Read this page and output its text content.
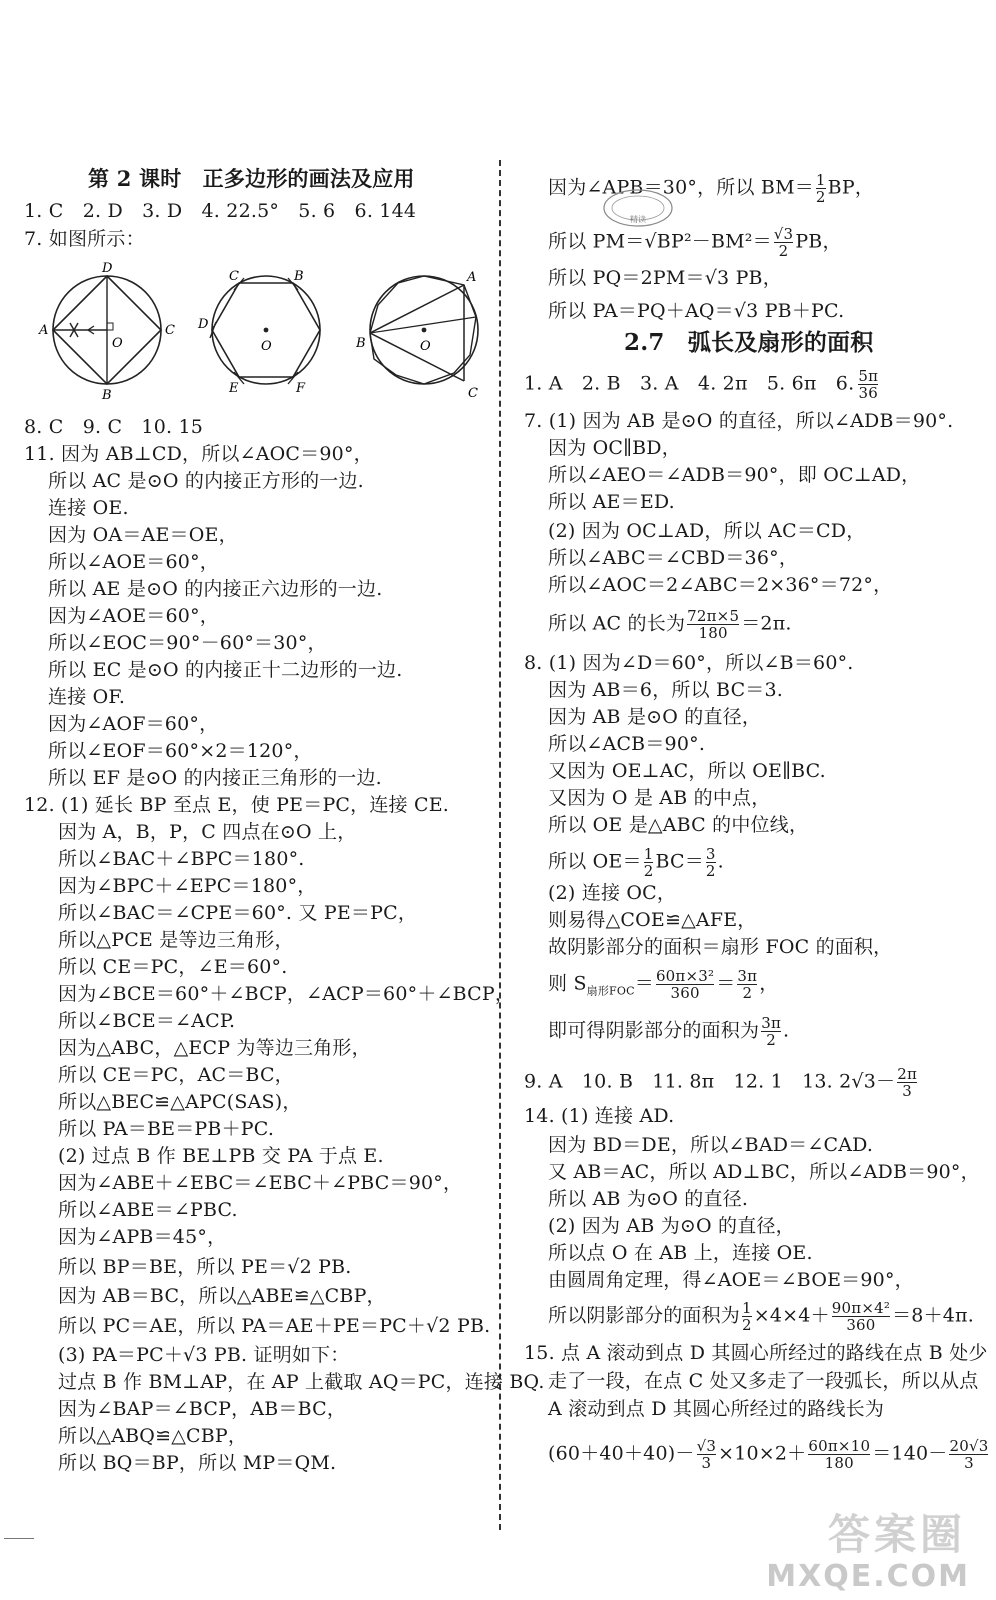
第 2 课时　正多边形的画法及应用
1. C　2. D　3. D　4. 22.5°　5. 6　6. 144
7. 如图所示：
D
A
O
C
B
C	B
D
O
E	F
A
B	O
C
8. C　9. C　10. 15
11. 因为 AB⊥CD，所以∠AOC＝90°，
所以 AC 是⊙O 的内接正方形的一边.
连接 OE.
因为 OA＝AE＝OE，
所以∠AOE＝60°，
所以 AE 是⊙O 的内接正六边形的一边.
因为∠AOE＝60°，
所以∠EOC＝90°－60°＝30°，
所以 EC 是⊙O 的内接正十二边形的一边.
连接 OF.
因为∠AOF＝60°，
所以∠EOF＝60°×2＝120°，
所以 EF 是⊙O 的内接正三角形的一边.
12. (1) 延长 BP 至点 E，使 PE＝PC，连接 CE.
因为 A，B，P，C 四点在⊙O 上，
所以∠BAC＋∠BPC＝180°.
因为∠BPC＋∠EPC＝180°，
所以∠BAC＝∠CPE＝60°. 又 PE＝PC，
所以△PCE 是等边三角形，
所以 CE＝PC，∠E＝60°.
因为∠BCE＝60°＋∠BCP，∠ACP＝60°＋∠BCP，
所以∠BCE＝∠ACP.
因为△ABC，△ECP 为等边三角形，
所以 CE＝PC，AC＝BC，
所以△BEC≌△APC(SAS)，
所以 PA＝BE＝PB＋PC.
(2) 过点 B 作 BE⊥PB 交 PA 于点 E.
因为∠ABE＋∠EBC＝∠EBC＋∠PBC＝90°，
所以∠ABE＝∠PBC.
因为∠APB＝45°，
所以 BP＝BE，所以 PE＝√2 PB.
因为 AB＝BC，所以△ABE≌△CBP，
所以 PC＝AE，所以 PA＝AE＋PE＝PC＋√2 PB.
(3) PA＝PC＋√3 PB. 证明如下：
过点 B 作 BM⊥AP，在 AP 上截取 AQ＝PC，连接 BQ.
因为∠BAP＝∠BCP，AB＝BC，
所以△ABQ≌△CBP，
所以 BQ＝BP，所以 MP＝QM.
因为∠APB＝30°，所以 $BM= \frac{1}{2}$ BP，
所以 $PM=√BP^2-BM^2= \frac{√3}{2}$ PB，
所以 PQ＝2PM＝√3 PB，
所以 PA＝PQ＋AQ＝√3 PB＋PC.
2.7　弧长及扇形的面积
1. A　2. B　3. A　4. 2π　5. 6π　6. $\frac{5\pi}{36}$
7. (1) 因为 AB 是⊙O 的直径，所以∠ADB＝90°.
因为 OC∥BD，
所以∠AEO＝∠ADB＝90°，即 OC⊥AD，
所以 AE＝ED.
(2) 因为 OC⊥AD，所以 AC＝CD，
所以∠ABC＝∠CBD＝36°，
所以∠AOC＝2∠ABC＝2×36°＝72°，
所以 AC 的长为 $\frac{72\pi\times 5}{180} =2\pi$.
8. (1) 因为∠D＝60°，所以∠B＝60°.
因为 AB＝6，所以 BC＝3.
因为 AB 是⊙O 的直径，
所以∠ACB＝90°.
又因为 OE⊥AC，所以 OE∥BC.
又因为 O 是 AB 的中点，
所以 OE 是△ABC 的中位线，
所以 $OE= \frac{1}{2} BC= \frac{3}{2}$ .
(2) 连接 OC，
则易得△COE≌△AFE，
故阴影部分的面积＝扇形 FOC 的面积，
则 $S_{扇形FOC}= \frac{\text{60π×3²}}{360} = \frac{3\pi}{2}$ ，
即可得阴影部分的面积为 $\frac{3\pi}{2}$ .
9. A　10. B　11. 8π　12. 1　13. $2√3- \frac{2\pi}{3}$
14. (1) 连接 AD.
因为 BD＝DE，所以∠BAD＝∠CAD.
又 AB＝AC，所以 AD⊥BC，所以∠ADB＝90°，
所以 AB 为⊙O 的直径.
(2) 因为 AB 为⊙O 的直径，
所以点 O 在 AB 上，连接 OE.
由圆周角定理，得∠AOE＝∠BOE＝90°，
所以阴影部分的面积为 $\frac{1}{2} \times 4\times 4+ \frac{\text{90π×4²}}{360} =8+4\pi$.
15. 点 A 滚动到点 D 其圆心所经过的路线在点 B 处少
走了一段，在点 C 处又多走了一段弧长，所以从点
A 滚动到点 D 其圆心所经过的路线长为
$(60+40+40)- \frac{√3}{3} \times 10\times 2+ \frac{60\pi\times 10}{180} =140- \frac{20√3}{3}$
精读
答案圈
MXQE.COM
